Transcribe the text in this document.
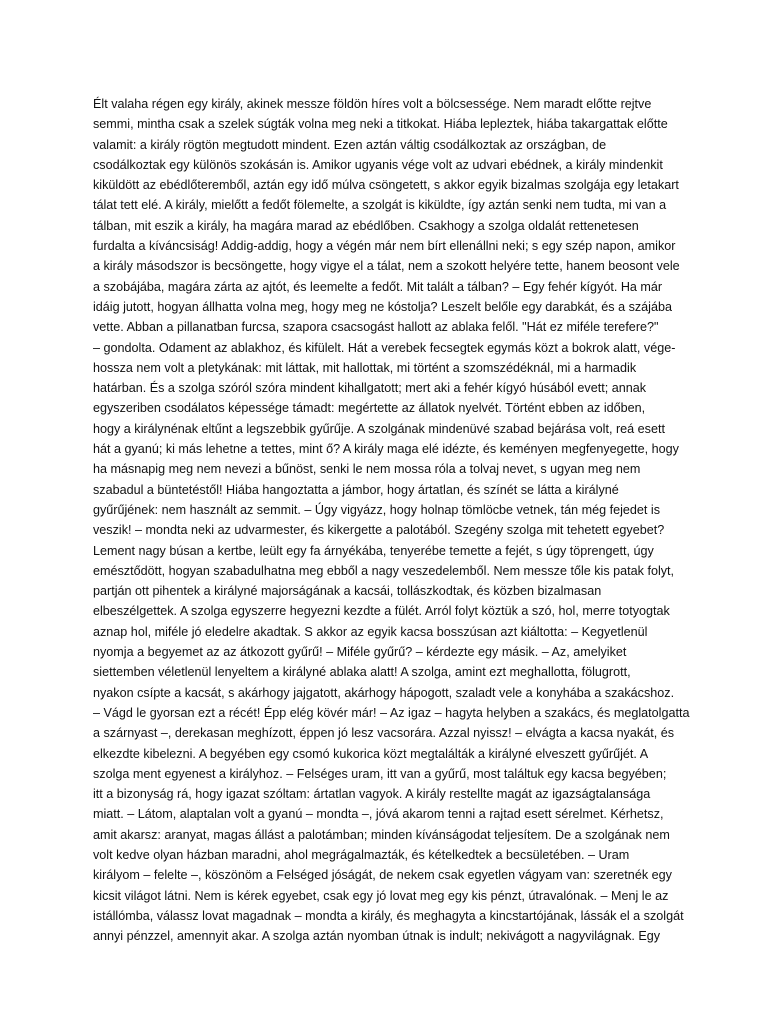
Élt valaha régen egy király, akinek messze földön híres volt a bölcsessége. Nem maradt előtte rejtve
semmi, mintha csak a szelek súgták volna meg neki a titkokat. Hiába lepleztek, hiába takargattak előtte
valamit: a király rögtön megtudott mindent. Ezen aztán váltig csodálkoztak az országban, de
csodálkoztak egy különös szokásán is. Amikor ugyanis vége volt az udvari ebédnek, a király mindenkit
kiküldött az ebédlőteremből, aztán egy idő múlva csöngetett, s akkor egyik bizalmas szolgája egy letakart
tálat tett elé. A király, mielőtt a fedőt fölemelte, a szolgát is kiküldte, így aztán senki nem tudta, mi van a
tálban, mit eszik a király, ha magára marad az ebédlőben. Csakhogy a szolga oldalát rettenetesen
furdalta a kíváncsiság! Addig-addig, hogy a végén már nem bírt ellenállni neki; s egy szép napon, amikor
a király másodszor is becsöngette, hogy vigye el a tálat, nem a szokott helyére tette, hanem beosont vele
a szobájába, magára zárta az ajtót, és leemelte a fedőt. Mit talált a tálban? – Egy fehér kígyót. Ha már
idáig jutott, hogyan állhatta volna meg, hogy meg ne kóstolja? Leszelt belőle egy darabkát, és a szájába
vette. Abban a pillanatban furcsa, szapora csacsogást hallott az ablaka felől. "Hát ez miféle terefere?"
– gondolta. Odament az ablakhoz, és kifülelt. Hát a verebek fecsegtek egymás közt a bokrok alatt, vége-
hossza nem volt a pletykának: mit láttak, mit hallottak, mi történt a szomszédéknál, mi a harmadik
határban. És a szolga szóról szóra mindent kihallgatott; mert aki a fehér kígyó húsából evett; annak
egyszeriben csodálatos képessége támadt: megértette az állatok nyelvét. Történt ebben az időben,
hogy a királynénak eltűnt a legszebbik gyűrűje. A szolgának mindenüvé szabad bejárása volt, reá esett
hát a gyanú; ki más lehetne a tettes, mint ő? A király maga elé idézte, és keményen megfenyegette, hogy
ha másnapig meg nem nevezi a bűnöst, senki le nem mossa róla a tolvaj nevet, s ugyan meg nem
szabadul a büntetéstől! Hiába hangoztatta a jámbor, hogy ártatlan, és színét se látta a királyné
gyűrűjének: nem használt az semmit. – Úgy vigyázz, hogy holnap tömlöcbe vetnek, tán még fejedet is
veszik! – mondta neki az udvarmester, és kikergette a palotából. Szegény szolga mit tehetett egyebet?
Lement nagy búsan a kertbe, leült egy fa árnyékába, tenyerébe temette a fejét, s úgy töprengett, úgy
emésztődött, hogyan szabadulhatna meg ebből a nagy veszedelemből. Nem messze tőle kis patak folyt,
partján ott pihentek a királyné majorságának a kacsái, tollászkodtak, és közben bizalmasan
elbeszélgettek. A szolga egyszerre hegyezni kezdte a fülét. Arról folyt köztük a szó, hol, merre totyogtak
aznap hol, miféle jó eledelre akadtak. S akkor az egyik kacsa bosszúsan azt kiáltotta: – Kegyetlenül
nyomja a begyemet az az átkozott gyűrű! – Miféle gyűrű? – kérdezte egy másik. – Az, amelyiket
siettemben véletlenül lenyeltem a királyné ablaka alatt! A szolga, amint ezt meghallotta, fölugrott,
nyakon csípte a kacsát, s akárhogy jajgatott, akárhogy hápogott, szaladt vele a konyhába a szakácshoz.
– Vágd le gyorsan ezt a récét! Épp elég kövér már! – Az igaz – hagyta helyben a szakács, és meglatolgatta
a szárnyast –, derekasan meghízott, éppen jó lesz vacsorára. Azzal nyissz! – elvágta a kacsa nyakát, és
elkezdte kibelezni. A begyében egy csomó kukorica közt megtalálták a királyné elveszett gyűrűjét. A
szolga ment egyenest a királyhoz. – Felséges uram, itt van a gyűrű, most találtuk egy kacsa begyében;
itt a bizonyság rá, hogy igazat szóltam: ártatlan vagyok. A király restellte magát az igazságtalansága
miatt. – Látom, alaptalan volt a gyanú – mondta –, jóvá akarom tenni a rajtad esett sérelmet. Kérhetsz,
amit akarsz: aranyat, magas állást a palotámban; minden kívánságodat teljesítem. De a szolgának nem
volt kedve olyan házban maradni, ahol megrágalmazták, és kételkedtek a becsületében. – Uram
királyom – felelte –, köszönöm a Felséged jóságát, de nekem csak egyetlen vágyam van: szeretnék egy
kicsit világot látni. Nem is kérek egyebet, csak egy jó lovat meg egy kis pénzt, útravalónak. – Menj le az
istállómba, válassz lovat magadnak – mondta a király, és meghagyta a kincstartójának, lássák el a szolgát
annyi pénzzel, amennyit akar. A szolga aztán nyomban útnak is indult; nekivágott a nagyvilágnak. Egy
